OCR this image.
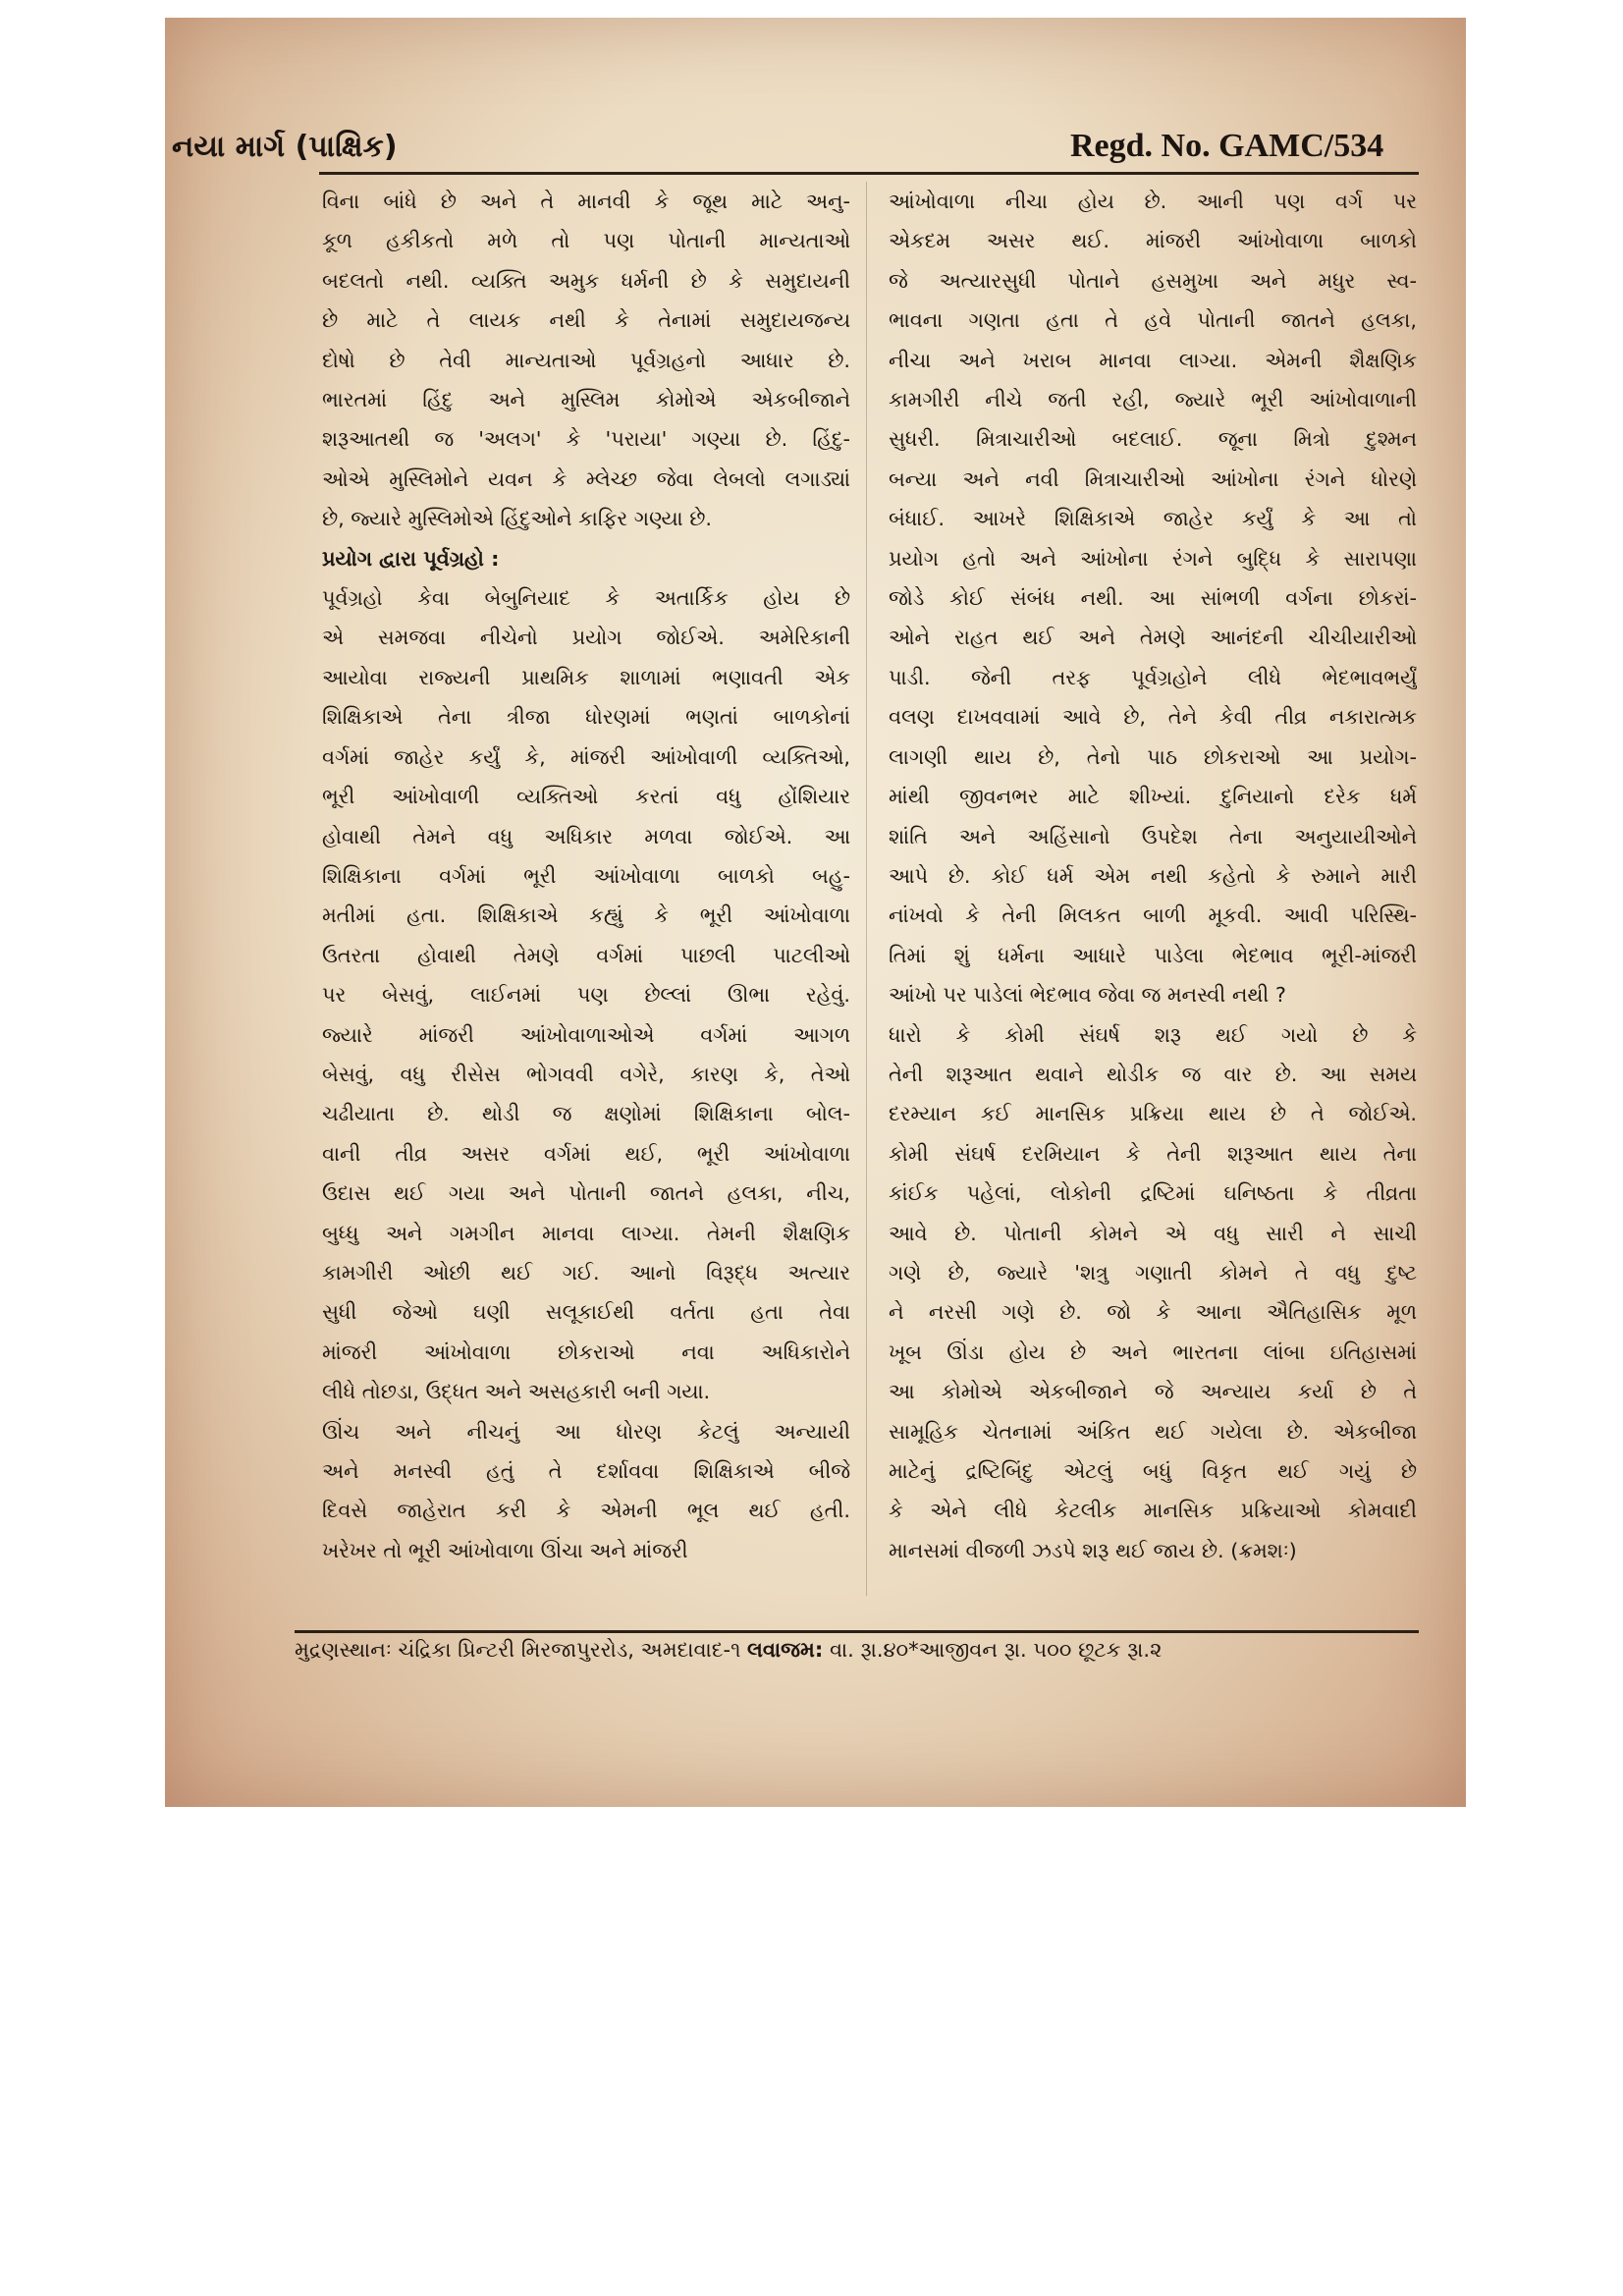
નયા માર્ગ (પાક્ષિક)	Regd. No. GAMC/534
વિના બાંધે છે અને તે માનવી કે જૂથ માટે અનુ-
કૂળ હકીકતો મળે તો પણ પોતાની માન્યતાઓ
બદલતો નથી. વ્યક્તિ અમુક ધર્મની છે કે સમુદાયની
છે માટે તે લાયક નથી કે તેનામાં સમુદાયજન્ય
દોષો છે તેવી માન્યતાઓ પૂર્વગ્રહનો આધાર છે.
ભારતમાં હિંદુ અને મુસ્લિમ કોમોએ એકબીજાને
શરૂઆતથી જ 'અલગ' કે 'પરાયા' ગણ્યા છે. હિંદુ-
ઓએ મુસ્લિમોને યવન કે મ્લેચ્છ જેવા લેબલો લગાડ્યાં
છે, જ્યારે મુસ્લિમોએ હિંદુઓને કાફિર ગણ્યા છે.
પ્રયોગ દ્વારા પૂર્વગ્રહો :
પૂર્વગ્રહો કેવા બેબુનિયાદ કે અતાર્કિક હોય છે
એ સમજવા નીચેનો પ્રયોગ જોઈએ. અમેરિકાની
આયોવા રાજ્યની પ્રાથમિક શાળામાં ભણાવતી એક
શિક્ષિકાએ તેના ત્રીજા ધોરણમાં ભણતાં બાળકોનાં
વર્ગમાં જાહેર કર્યું કે, માંજરી આંખોવાળી વ્યક્તિઓ,
ભૂરી આંખોવાળી વ્યક્તિઓ કરતાં વધુ હોંશિયાર
હોવાથી તેમને વધુ અધિકાર મળવા જોઈએ. આ
શિક્ષિકાના વર્ગમાં ભૂરી આંખોવાળા બાળકો બહુ-
મતીમાં હતા. શિક્ષિકાએ કહ્યું કે ભૂરી આંખોવાળા
ઉતરતા હોવાથી તેમણે વર્ગમાં પાછલી પાટલીઓ
પર બેસવું, લાઈનમાં પણ છેલ્લાં ઊભા રહેવું.
જ્યારે માંજરી આંખોવાળાઓએ વર્ગમાં આગળ
બેસવું, વધુ રીસેસ ભોગવવી વગેરે, કારણ કે, તેઓ
ચઢીયાતા છે. થોડી જ ક્ષણોમાં શિક્ષિકાના બોલ-
વાની તીવ્ર અસર વર્ગમાં થઈ, ભૂરી આંખોવાળા
ઉદાસ થઈ ગયા અને પોતાની જાતને હલકા, નીચ,
બુધ્ધુ અને ગમગીન માનવા લાગ્યા. તેમની શૈક્ષણિક
કામગીરી ઓછી થઈ ગઈ. આનો વિરૂદ્ધ અત્યાર
સુધી જેઓ ઘણી સલૂકાઈથી વર્તતા હતા તેવા
માંજરી આંખોવાળા છોકરાઓ નવા અધિકારોને
લીધે તોછડા, ઉદ્ધત અને અસહકારી બની ગયા.
ઊંચ અને નીચનું આ ધોરણ કેટલું અન્યાયી
અને મનસ્વી હતું તે દર્શાવવા શિક્ષિકાએ બીજે
દિવસે જાહેરાત કરી કે એમની ભૂલ થઈ હતી.
ખરેખર તો ભૂરી આંખોવાળા ઊંચા અને માંજરી
આંખોવાળા નીચા હોય છે. આની પણ વર્ગ પર
એકદમ અસર થઈ. માંજરી આંખોવાળા બાળકો
જે અત્યારસુધી પોતાને હસમુખા અને મધુર સ્વ-
ભાવના ગણતા હતા તે હવે પોતાની જાતને હલકા,
નીચા અને ખરાબ માનવા લાગ્યા. એમની શૈક્ષણિક
કામગીરી નીચે જતી રહી, જ્યારે ભૂરી આંખોવાળાની
સુધરી. મિત્રાચારીઓ બદલાઈ. જૂના મિત્રો દુશ્મન
બન્યા અને નવી મિત્રાચારીઓ આંખોના રંગને ધોરણે
બંધાઈ. આખરે શિક્ષિકાએ જાહેર કર્યું કે આ તો
પ્રયોગ હતો અને આંખોના રંગને બુદ્ધિ કે સારાપણા
જોડે કોઈ સંબંધ નથી. આ સાંભળી વર્ગના છોકરાં-
ઓને રાહત થઈ અને તેમણે આનંદની ચીચીયારીઓ
પાડી. જેની તરફ પૂર્વગ્રહોને લીધે ભેદભાવભર્યું
વલણ દાખવવામાં આવે છે, તેને કેવી તીવ્ર નકારાત્મક
લાગણી થાય છે, તેનો પાઠ છોકરાઓ આ પ્રયોગ-
માંથી જીવનભર માટે શીખ્યાં. દુનિયાનો દરેક ધર્મ
શાંતિ અને અહિંસાનો ઉપદેશ તેના અનુયાયીઓને
આપે છે. કોઈ ધર્મ એમ નથી કહેતો કે રુમાને મારી
નાંખવો કે તેની મિલકત બાળી મૂકવી. આવી પરિસ્થિ-
તિમાં શું ધર્મના આધારે પાડેલા ભેદભાવ ભૂરી-માંજરી
આંખો પર પાડેલાં ભેદભાવ જેવા જ મનસ્વી નથી ?
ધારો કે કોમી સંઘર્ષ શરૂ થઈ ગયો છે કે
તેની શરૂઆત થવાને થોડીક જ વાર છે. આ સમય
દરમ્યાન કઈ માનસિક પ્રક્રિયા થાય છે તે જોઈએ.
કોમી સંઘર્ષ દરમિયાન કે તેની શરૂઆત થાય તેના
કાંઈક પહેલાં, લોકોની દ્રષ્ટિમાં ઘનિષ્ઠતા કે તીવ્રતા
આવે છે. પોતાની કોમને એ વધુ સારી ને સાચી
ગણે છે, જ્યારે 'શત્રુ ગણાતી કોમને તે વધુ દુષ્ટ
ને નરસી ગણે છે. જો કે આના ઐતિહાસિક મૂળ
ખૂબ ઊંડા હોય છે અને ભારતના લાંબા ઇતિહાસમાં
આ કોમોએ એકબીજાને જે અન્યાય કર્યા છે તે
સામૂહિક ચેતનામાં અંકિત થઈ ગયેલા છે. એકબીજા
માટેનું દ્રષ્ટિબિંદુ એટલું બધું વિકૃત થઈ ગયું છે
કે એને લીધે કેટલીક માનસિક પ્રક્રિયાઓ કોમવાદી
માનસમાં વીજળી ઝડપે શરૂ થઈ જાય છે. (ક્રમશઃ)
મુદ્રણસ્થાનઃ ચંદ્રિકા પ્રિન્ટરી મિરજાપુરરોડ, અમદાવાદ-૧ લવાજમ: વા. રૂા.૪૦*આજીવન રૂા. ૫૦૦ છૂટક રૂા.૨
